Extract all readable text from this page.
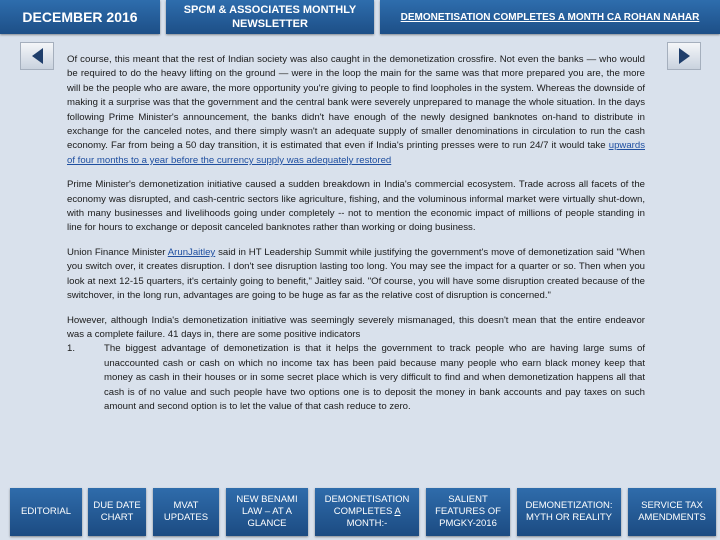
DECEMBER 2016	SPCM & ASSOCIATES MONTHLY NEWSLETTER
DEMONETISATION COMPLETES A MONTH CA ROHAN NAHAR

Of course, this meant that the rest of Indian society was also caught in the demonetization crossfire. Not even the banks — who would be required to do the heavy lifting on the ground — were in the loop the main for the same was that more prepared you are, the more will be the people who are aware, the more opportunity you're giving to people to find loopholes in the system. Whereas the downside of making it a surprise was that the government and the central bank were severely unprepared to manage the whole situation. In the days following Prime Minister's announcement, the banks didn't have enough of the newly designed banknotes on-hand to distribute in exchange for the canceled notes, and there simply wasn't an adequate supply of smaller denominations in circulation to run the cash economy. Far from being a 50 day transition, it is estimated that even if India's printing presses were to run 24/7 it would take upwards of four months to a year before the currency supply was adequately restored

Prime Minister's demonetization initiative caused a sudden breakdown in India's commercial ecosystem. Trade across all facets of the economy was disrupted, and cash-centric sectors like agriculture, fishing, and the voluminous informal market were virtually shut-down, with many businesses and livelihoods going under completely -- not to mention the economic impact of millions of people standing in line for hours to exchange or deposit canceled banknotes rather than working or doing business.

Union Finance Minister ArunJaitley said in HT Leadership Summit while justifying the government's move of demonetization said "When you switch over, it creates disruption. I don't see disruption lasting too long. You may see the impact for a quarter or so. Then when you look at next 12-15 quarters, it's certainly going to benefit," Jaitley said. "Of course, you will have some disruption created because of the switchover, in the long run, advantages are going to be huge as far as the relative cost of disruption is concerned."

However, although India's demonetization initiative was seemingly severely mismanaged, this doesn't mean that the entire endeavor was a complete failure. 41 days in, there are some positive indicators

1.	The biggest advantage of demonetization is that it helps the government to track people who are having large sums of unaccounted cash or cash on which no income tax has been paid because many people who earn black money keep that money as cash in their houses or in some secret place which is very difficult to find and when demonetization happens all that cash is of no value and such people have two options one is to deposit the money in bank accounts and pay taxes on such amount and second option is to let the value of that cash reduce to zero.
EDITORIAL
DUE DATE CHART
MVAT UPDATES
NEW BENAMI LAW – AT A GLANCE
DEMONETISATION COMPLETES A MONTH:-
SALIENT FEATURES OF PMGKY-2016
DEMONETIZATION: MYTH OR REALITY
SERVICE TAX AMENDMENTS
